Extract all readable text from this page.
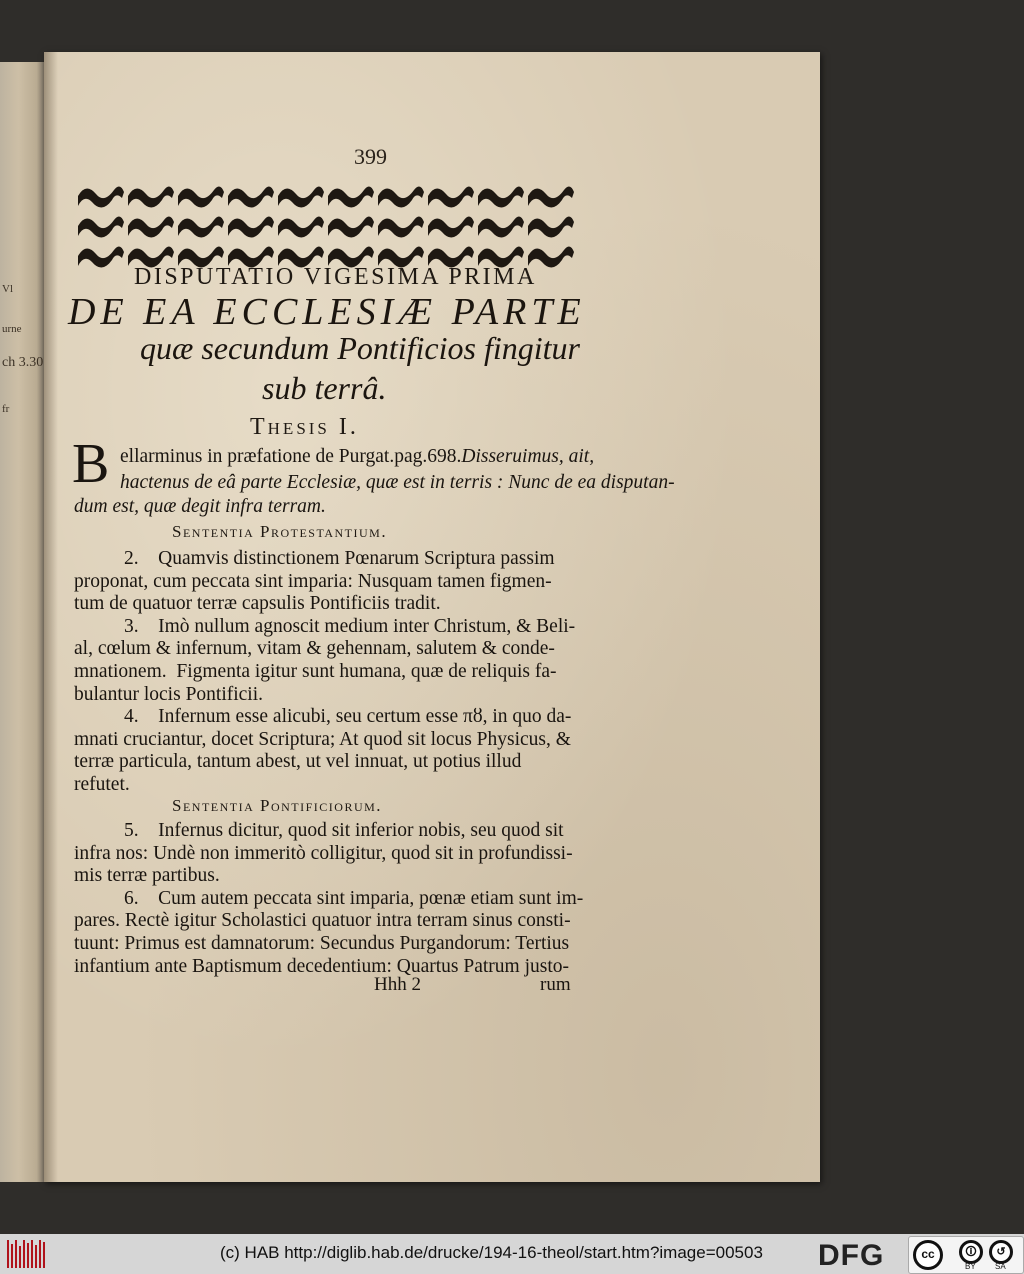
Vl
urne
ch 3.30
fr
399
DISPUTATIO VIGESIMA PRIMA
DE EA ECCLESIÆ PARTE
quæ secundum Pontificios fingitur
sub terrâ.
Thesis I.
B ellarminus in præfatione de Purgat.pag.698.Disseruimus, ait,
hactenus de eâ parte Ecclesiæ, quæ est in terris : Nunc de ea disputan-
dum est, quæ degit infra terram.
Sententia Protestantium.
2.    Quamvis distinctionem Pœnarum Scriptura passim
proponat, cum peccata sint imparia: Nusquam tamen figmen-
tum de quatuor terræ capsulis Pontificiis tradit.
3.    Imò nullum agnoscit medium inter Christum, & Beli-
al, cœlum & infernum, vitam & gehennam, salutem & conde-
mnationem.  Figmenta igitur sunt humana, quæ de reliquis fa-
bulantur locis Pontificii.
4.    Infernum esse alicubi, seu certum esse πȣ, in quo da-
mnati cruciantur, docet Scriptura; At quod sit locus Physicus, &
terræ particula, tantum abest, ut vel innuat, ut potius illud
refutet.
Sententia Pontificiorum.
5.    Infernus dicitur, quod sit inferior nobis, seu quod sit
infra nos: Undè non immeritò colligitur, quod sit in profundissi-
mis terræ partibus.
6.    Cum autem peccata sint imparia, pœnæ etiam sunt im-
pares. Rectè igitur Scholastici quatuor intra terram sinus consti-
tuunt: Primus est damnatorum: Secundus Purgandorum: Tertius
infantium ante Baptismum decedentium: Quartus Patrum justo-
Hhh 2	rum
(c) HAB http://diglib.hab.de/drucke/194-16-theol/start.htm?image=00503 DFG	cc	🛈	↺
BY SA
